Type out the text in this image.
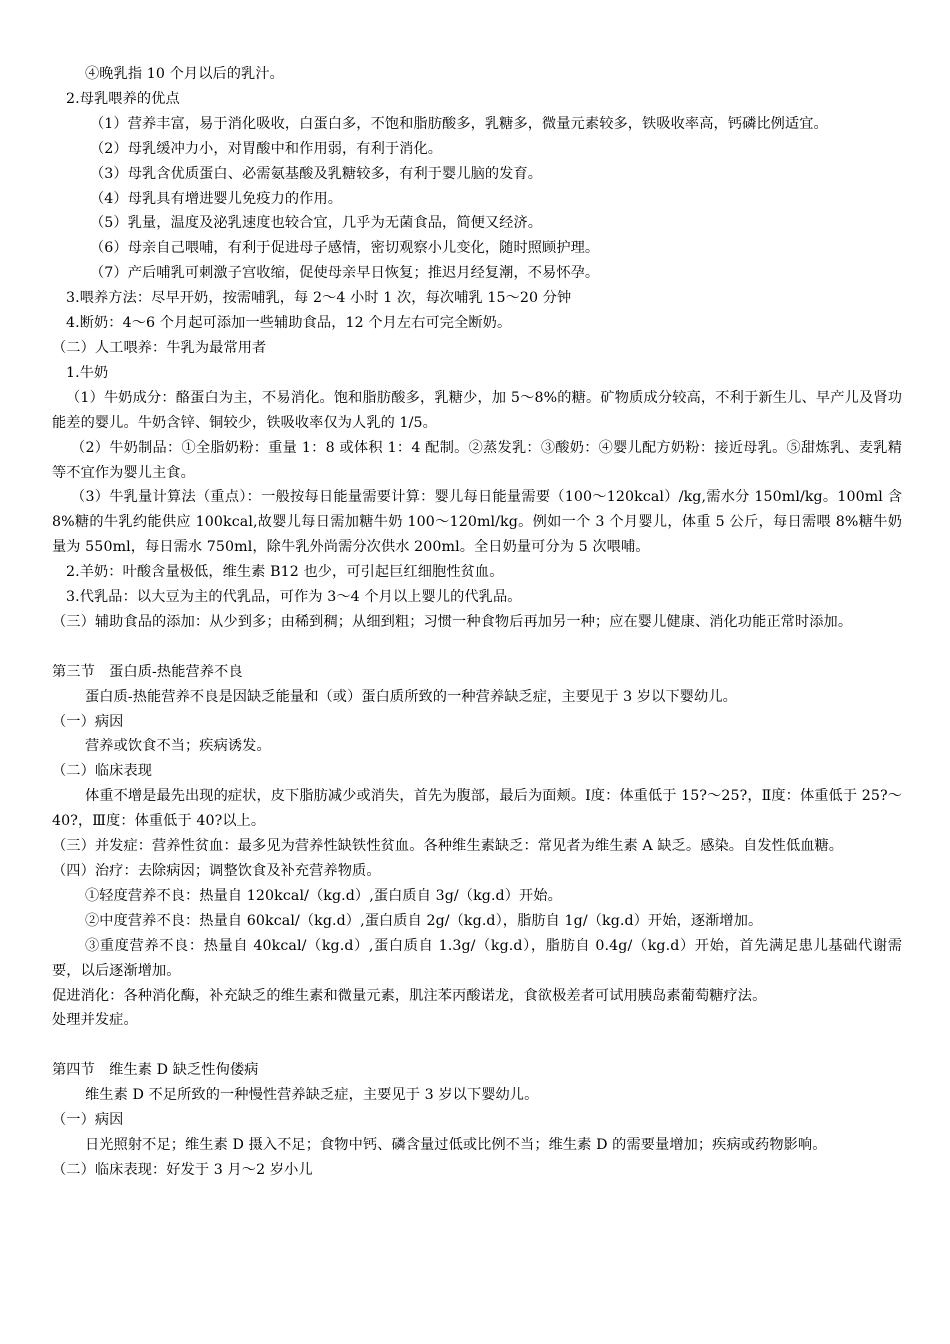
④晚乳指 10 个月以后的乳汁。

2.母乳喂养的优点

（1）营养丰富，易于消化吸收，白蛋白多，不饱和脂肪酸多，乳糖多，微量元素较多，铁吸收率高，钙磷比例适宜。

（2）母乳缓冲力小，对胃酸中和作用弱，有利于消化。

（3）母乳含优质蛋白、必需氨基酸及乳糖较多，有利于婴儿脑的发育。

（4）母乳具有增进婴儿免疫力的作用。

（5）乳量，温度及泌乳速度也较合宜，几乎为无菌食品，简便又经济。

（6）母亲自己喂哺，有利于促进母子感情，密切观察小儿变化，随时照顾护理。

（7）产后哺乳可刺激子宫收缩，促使母亲早日恢复；推迟月经复潮，不易怀孕。

3.喂养方法：尽早开奶，按需哺乳，每 2～4 小时 1 次，每次哺乳 15～20 分钟

4.断奶：4～6 个月起可添加一些辅助食品，12 个月左右可完全断奶。

（二）人工喂养：牛乳为最常用者

1.牛奶

（1）牛奶成分：酪蛋白为主，不易消化。饱和脂肪酸多，乳糖少，加 5～8%的糖。矿物质成分较高，不利于新生儿、早产儿及肾功能差的婴儿。牛奶含锌、铜较少，铁吸收率仅为人乳的 1/5。

（2）牛奶制品：①全脂奶粉：重量 1：8 或体积 1：4 配制。②蒸发乳：③酸奶：④婴儿配方奶粉：接近母乳。⑤甜炼乳、麦乳精等不宜作为婴儿主食。

（3）牛乳量计算法（重点）：一般按每日能量需要计算：婴儿每日能量需要（100～120kcal）/kg,需水分 150ml/kg。100ml 含 8%糖的牛乳约能供应 100kcal,故婴儿每日需加糖牛奶 100～120ml/kg。例如一个 3 个月婴儿，体重 5 公斤，每日需喂 8%糖牛奶量为 550ml，每日需水 750ml，除牛乳外尚需分次供水 200ml。全日奶量可分为 5 次喂哺。

2.羊奶：叶酸含量极低，维生素 B12 也少，可引起巨红细胞性贫血。

3.代乳品：以大豆为主的代乳品，可作为 3～4 个月以上婴儿的代乳品。

（三）辅助食品的添加：从少到多；由稀到稠；从细到粗；习惯一种食物后再加另一种；应在婴儿健康、消化功能正常时添加。

第三节　蛋白质-热能营养不良

蛋白质-热能营养不良是因缺乏能量和（或）蛋白质所致的一种营养缺乏症，主要见于 3 岁以下婴幼儿。

（一）病因

营养或饮食不当；疾病诱发。

（二）临床表现

体重不增是最先出现的症状，皮下脂肪减少或消失，首先为腹部，最后为面颊。Ⅰ度：体重低于 15?～25?，Ⅱ度：体重低于 25?～40?，Ⅲ度：体重低于 40?以上。

（三）并发症：营养性贫血：最多见为营养性缺铁性贫血。各种维生素缺乏：常见者为维生素 A 缺乏。感染。自发性低血糖。

（四）治疗：去除病因；调整饮食及补充营养物质。

①轻度营养不良：热量自 120kcal/（kg.d）,蛋白质自 3g/（kg.d）开始。

②中度营养不良：热量自 60kcal/（kg.d）,蛋白质自 2g/（kg.d），脂肪自 1g/（kg.d）开始，逐渐增加。

③重度营养不良：热量自 40kcal/（kg.d）,蛋白质自 1.3g/（kg.d），脂肪自 0.4g/（kg.d）开始，首先满足患儿基础代谢需要，以后逐渐增加。

促进消化：各种消化酶，补充缺乏的维生素和微量元素，肌注苯丙酸诺龙，食欲极差者可试用胰岛素葡萄糖疗法。

处理并发症。

第四节　维生素 D 缺乏性佝偻病

维生素 D 不足所致的一种慢性营养缺乏症，主要见于 3 岁以下婴幼儿。

（一）病因

日光照射不足；维生素 D 摄入不足；食物中钙、磷含量过低或比例不当；维生素 D 的需要量增加；疾病或药物影响。

（二）临床表现：好发于 3 月～2 岁小儿
